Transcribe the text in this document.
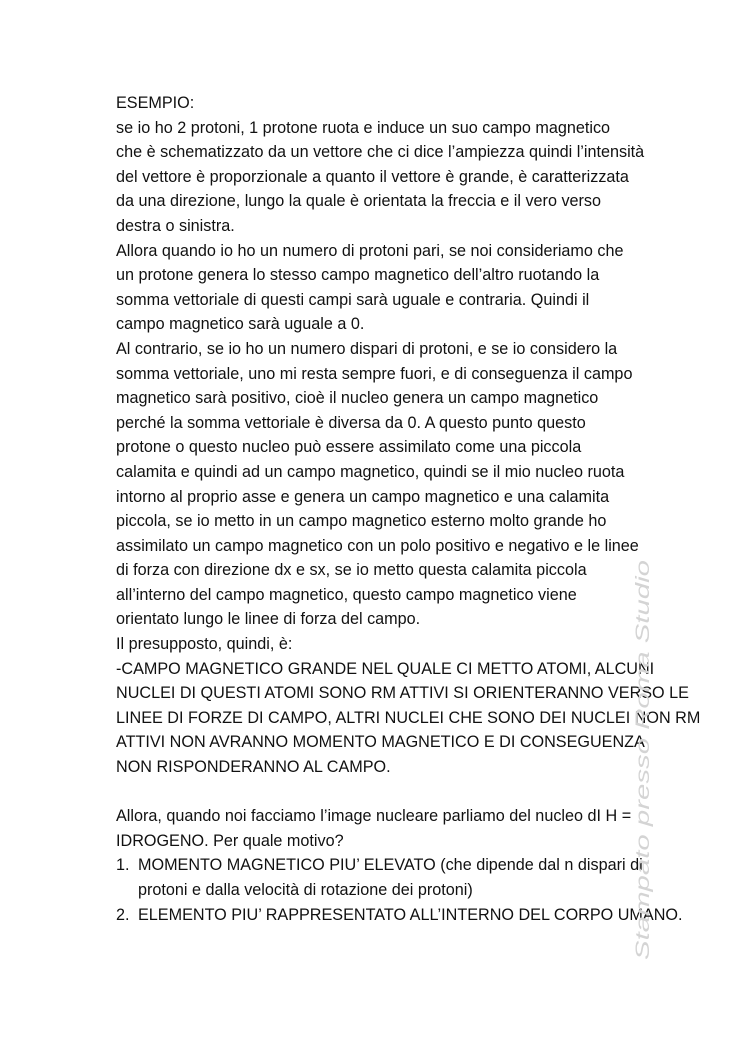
ESEMPIO:
se io ho 2 protoni, 1 protone ruota e induce un suo campo magnetico
che è schematizzato da un vettore che ci dice l’ampiezza quindi l’intensità
del vettore è proporzionale a quanto il vettore è grande, è caratterizzata
da una direzione, lungo la quale è orientata la freccia e il vero verso
destra o sinistra.
Allora quando io ho un numero di protoni pari, se noi consideriamo che
un protone genera lo stesso campo magnetico dell’altro ruotando la
somma vettoriale di questi campi sarà uguale e contraria. Quindi il
campo magnetico sarà uguale a 0.
Al contrario, se io ho un numero dispari di protoni, e se io considero la
somma vettoriale, uno mi resta sempre fuori, e di conseguenza il campo
magnetico sarà positivo, cioè il nucleo genera un campo magnetico
perché la somma vettoriale è diversa da 0. A questo punto questo
protone o questo nucleo può essere assimilato come una piccola
calamita e quindi ad un campo magnetico, quindi se il mio nucleo ruota
intorno al proprio asse e genera un campo magnetico e una calamita
piccola, se io metto in un campo magnetico esterno molto grande ho
assimilato un campo magnetico con un polo positivo e negativo e le linee
di forza con direzione dx e sx, se io metto questa calamita piccola
all’interno del campo magnetico, questo campo magnetico viene
orientato lungo le linee di forza del campo.
Il presupposto, quindi, è:
-CAMPO MAGNETICO GRANDE NEL QUALE CI METTO ATOMI, ALCUNI
NUCLEI DI QUESTI ATOMI SONO RM ATTIVI SI ORIENTERANNO VERSO LE
LINEE DI FORZE DI CAMPO, ALTRI NUCLEI CHE SONO DEI NUCLEI NON RM
ATTIVI NON AVRANNO MOMENTO MAGNETICO E DI CONSEGUENZA
NON RISPONDERANNO AL CAMPO.
Allora, quando noi facciamo l’image nucleare parliamo del nucleo dI H =
IDROGENO. Per quale motivo?
1. MOMENTO MAGNETICO PIU’ ELEVATO (che dipende dal n dispari di
protoni e dalla velocità di rotazione dei protoni)
2. ELEMENTO PIU’ RAPPRESENTATO ALL’INTERNO DEL CORPO UMANO.
Stampato presso Roma Studio
